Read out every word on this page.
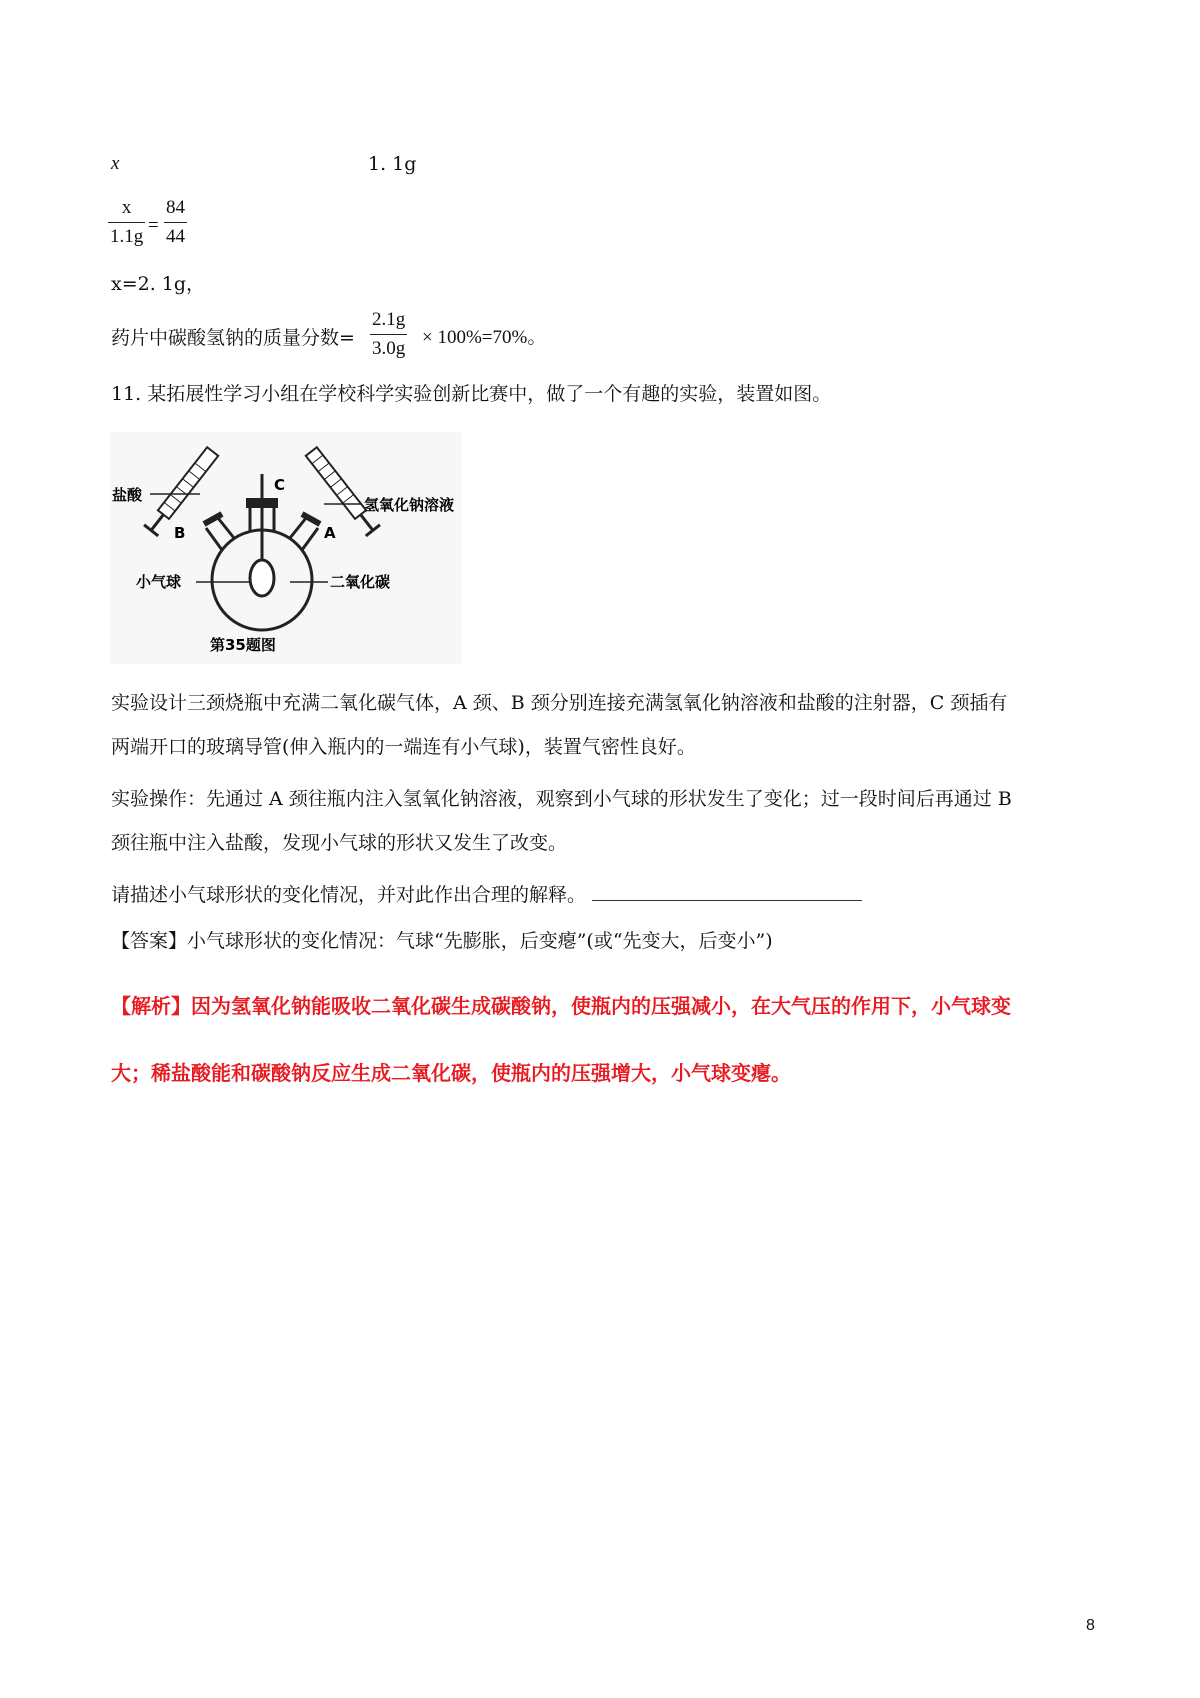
x	1. 1g
x
1.1g
=
84
44
x=2. 1g，
药片中碳酸氢钠的质量分数=
2.1g
3.0g
× 100%=70%。
11. 某拓展性学习小组在学校科学实验创新比赛中，做了一个有趣的实验，装置如图。
盐酸
氢氧化钠溶液
小气球	二氧化碳
B	A
C
第35题图
实验设计三颈烧瓶中充满二氧化碳气体，A 颈、B 颈分别连接充满氢氧化钠溶液和盐酸的注射器，C 颈插有
两端开口的玻璃导管(伸入瓶内的一端连有小气球)，装置气密性良好。
实验操作：先通过 A 颈往瓶内注入氢氧化钠溶液，观察到小气球的形状发生了变化；过一段时间后再通过 B
颈往瓶中注入盐酸，发现小气球的形状又发生了改变。
请描述小气球形状的变化情况，并对此作出合理的解释。
【答案】小气球形状的变化情况：气球“先膨胀，后变瘪”(或“先变大，后变小”)
【解析】因为氢氧化钠能吸收二氧化碳生成碳酸钠，使瓶内的压强减小，在大气压的作用下，小气球变
大；稀盐酸能和碳酸钠反应生成二氧化碳，使瓶内的压强增大，小气球变瘪。
8
